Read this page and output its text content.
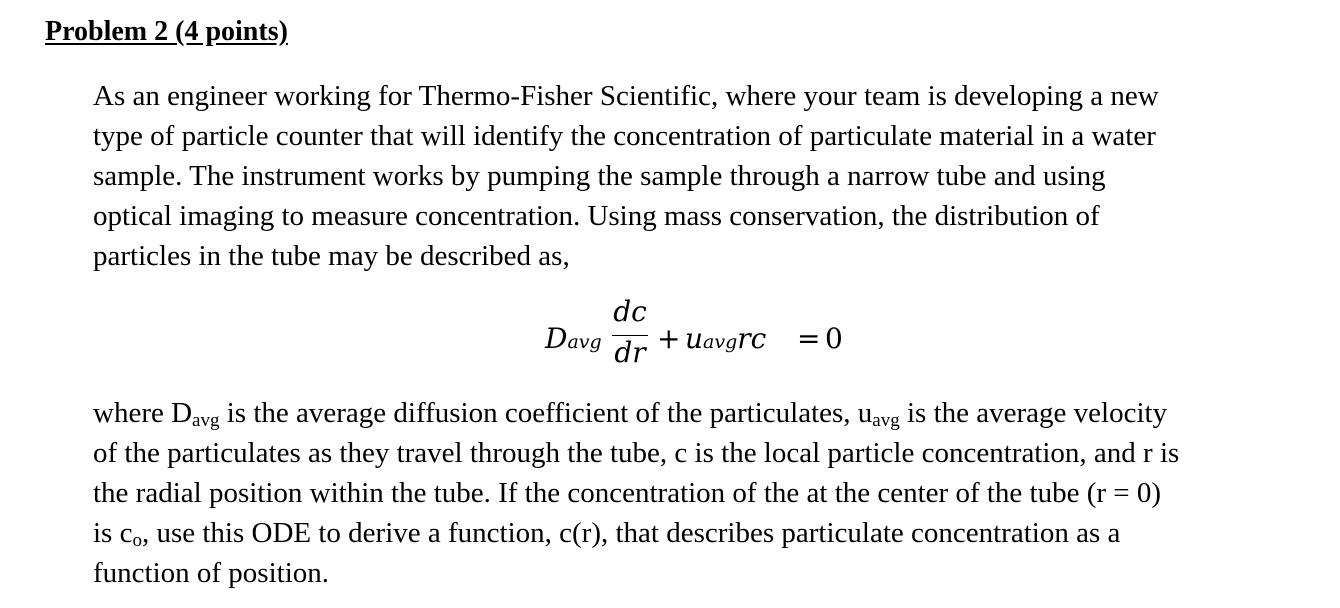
Problem 2 (4 points)

As an engineer working for Thermo-Fisher Scientific, where your team is developing a new
type of particle counter that will identify the concentration of particulate material in a water
sample. The instrument works by pumping the sample through a narrow tube and using
optical imaging to measure concentration. Using mass conservation, the distribution of
particles in the tube may be described as,

Davg
dc
dr + uavgrc = 0

where $D_{avg}$ is the average diffusion coefficient of the particulates, $u_{avg}$ is the average velocity
of the particulates as they travel through the tube, c is the local particle concentration, and r is
the radial position within the tube. If the concentration of the at the center of the tube (r = 0)
is $c_o$, use this ODE to derive a function, c(r), that describes particulate concentration as a
function of position.
